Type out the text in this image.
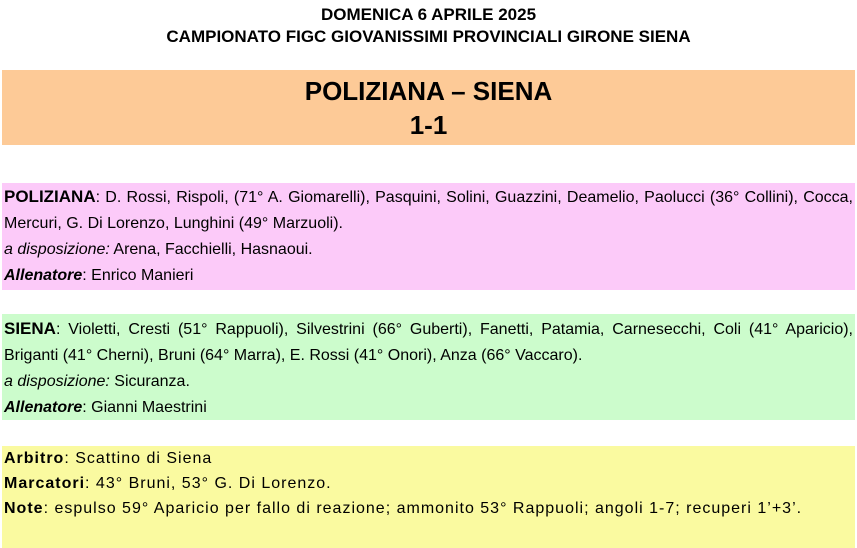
DOMENICA 6 APRILE 2025
CAMPIONATO FIGC GIOVANISSIMI PROVINCIALI GIRONE SIENA
POLIZIANA – SIENA
1-1

POLIZIANA: D. Rossi, Rispoli, (71° A. Giomarelli), Pasquini, Solini, Guazzini, Deamelio, Paolucci (36° Collini), Cocca, Mercuri, G. Di Lorenzo, Lunghini (49° Marzuoli).

a disposizione: Arena, Facchielli, Hasnaoui.

Allenatore: Enrico Manieri

SIENA: Violetti, Cresti (51° Rappuoli), Silvestrini (66° Guberti), Fanetti, Patamia, Carnesecchi, Coli (41° Aparicio), Briganti (41° Cherni), Bruni (64° Marra), E. Rossi (41° Onori), Anza (66° Vaccaro).

a disposizione: Sicuranza.

Allenatore: Gianni Maestrini

Arbitro: Scattino di Siena

Marcatori: 43° Bruni, 53° G. Di Lorenzo.

Note: espulso 59° Aparicio per fallo di reazione; ammonito 53° Rappuoli; angoli 1-7; recuperi 1’+3’.
